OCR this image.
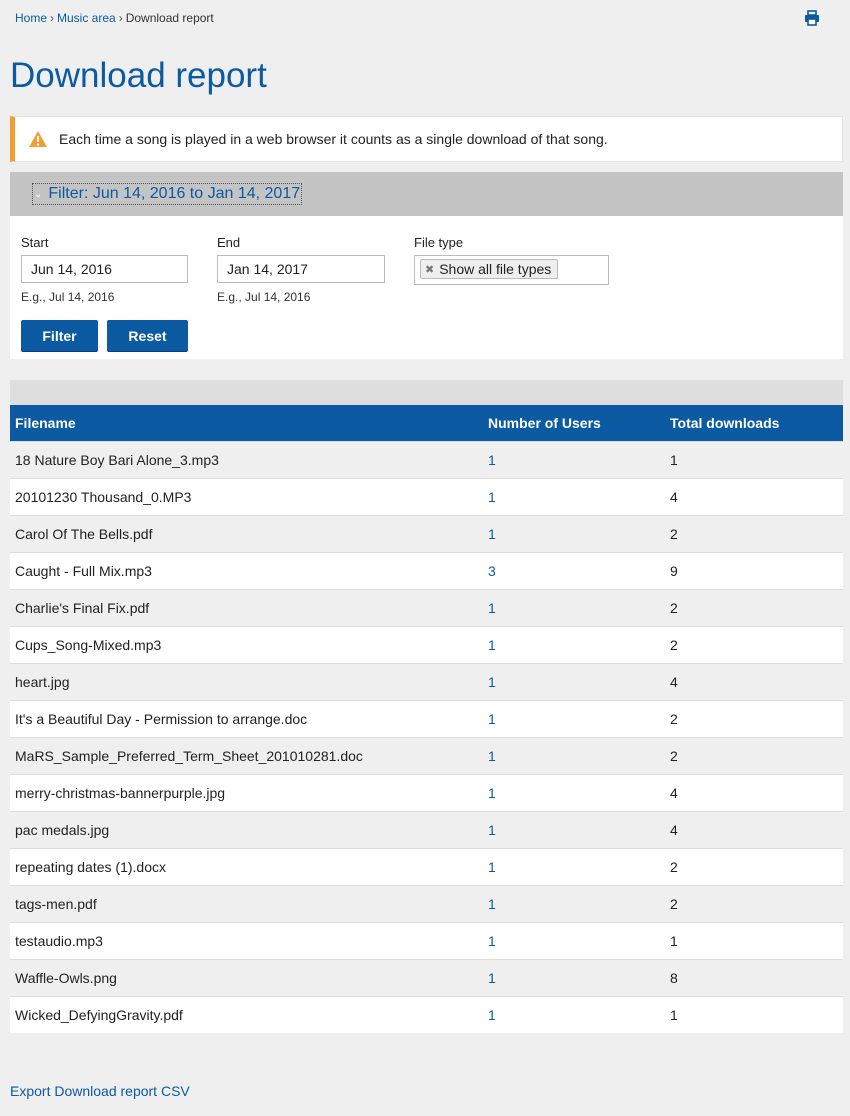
Home › Music area › Download report
Download report
Each time a song is played in a web browser it counts as a single download of that song.
⌄ Filter: Jun 14, 2016 to Jan 14, 2017
Start
Jun 14, 2016
E.g., Jul 14, 2016
End
Jan 14, 2017
E.g., Jul 14, 2016
File type
✖ Show all file types
Filter	Reset
Filename	Number of Users	Total downloads
18 Nature Boy Bari Alone_3.mp3	1	1
20101230 Thousand_0.MP3	1	4
Carol Of The Bells.pdf	1	2
Caught - Full Mix.mp3	3	9
Charlie's Final Fix.pdf	1	2
Cups_Song-Mixed.mp3	1	2
heart.jpg	1	4
It's a Beautiful Day - Permission to arrange.doc	1	2
MaRS_Sample_Preferred_Term_Sheet_201010281.doc	1	2
merry-christmas-bannerpurple.jpg	1	4
pac medals.jpg	1	4
repeating dates (1).docx	1	2
tags-men.pdf	1	2
testaudio.mp3	1	1
Waffle-Owls.png	1	8
Wicked_DefyingGravity.pdf	1	1
Export Download report CSV
